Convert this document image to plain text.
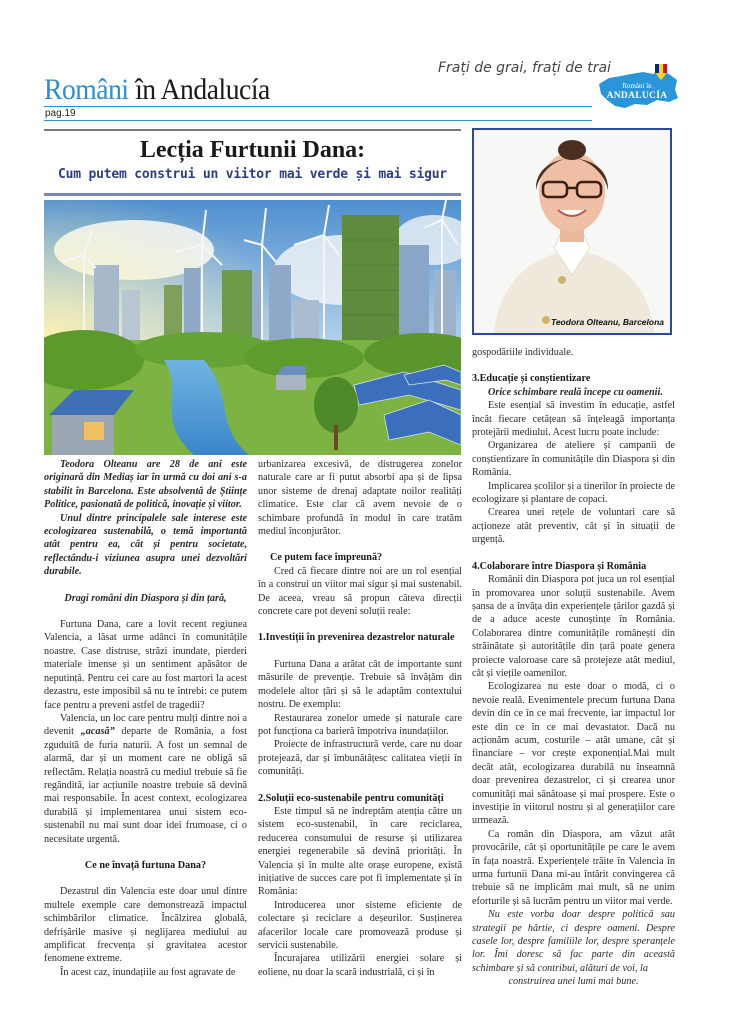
Români în Andalucía
Frați de grai, frați de trai
pag.19
Români în
ANDALUCÍA
Lecția Furtunii Dana:
Cum putem construi un viitor mai verde și mai sigur
Teodora Olteanu, Barcelona

Teodora Olteanu are 28 de ani este originară din Mediaș iar în urmă cu doi ani s-a stabilit în Barcelona. Este absolventă de Științe Politice, pasionată de politică, inovație și viitor.

Unul dintre principalele sale interese este ecologizarea sustenabilă, o temă importantă atât pentru ea, cât și pentru societate, reflectându-i viziunea asupra unei dezvoltări durabile.

Dragi români din Diaspora și din țară,

Furtuna Dana, care a lovit recent regiunea Valencia, a lăsat urme adânci în comunitățile noastre. Case distruse, străzi inundate, pierderi materiale imense și un sentiment apăsător de neputință. Pentru cei care au fost martori la acest dezastru, este imposibil să nu te întrebi: ce putem face pentru a preveni astfel de tragedii?

Valencia, un loc care pentru mulți dintre noi a devenit „acasă” departe de România, a fost zguduită de furia naturii. A fost un semnal de alarmă, dar și un moment care ne obligă să reflectăm. Relația noastră cu mediul trebuie să fie regândită, iar acțiunile noastre trebuie să devină mai responsabile. În acest context, ecologizarea durabilă și implementarea unui sistem eco-sustenabil nu mai sunt doar idei frumoase, ci o necesitate urgentă.

Ce ne învață furtuna Dana?

Dezastrul din Valencia este doar unul dintre multele exemple care demonstrează impactul schimbărilor climatice. Încălzirea globală, defrișările masive și neglijarea mediului au amplificat frecvența și gravitatea acestor fenomene extreme.

În acest caz, inundațiile au fost agravate de

urbanizarea excesivă, de distrugerea zonelor naturale care ar fi putut absorbi apa și de lipsa unor sisteme de drenaj adaptate noilor realități climatice. Este clar că avem nevoie de o schimbare profundă în modul în care tratăm mediul înconjurător.

Ce putem face împreună?

Cred că fiecare dintre noi are un rol esențial în a construi un viitor mai sigur și mai sustenabil. De aceea, vreau să propun câteva direcții concrete care pot deveni soluții reale:

1.Investiții în prevenirea dezastrelor naturale

Furtuna Dana a arătat cât de importante sunt măsurile de prevenție. Trebuie să învățăm din modelele altor țări și să le adaptăm contextului nostru. De exemplu:

Restaurarea zonelor umede și naturale care pot funcționa ca barieră împotriva inundațiilor.

Proiecte de infrastructură verde, care nu doar protejează, dar și îmbunătățesc calitatea vieții în comunități.

2.Soluții eco-sustenabile pentru comunități

Este timpul să ne îndreptăm atenția către un sistem eco-sustenabil, în care reciclarea, reducerea consumului de resurse și utilizarea energiei regenerabile să devină priorități. În Valencia și în multe alte orașe europene, există inițiative de succes care pot fi implementate și în România:

Introducerea unor sisteme eficiente de colectare și reciclare a deșeurilor. Susținerea afacerilor locale care promovează produse și servicii sustenabile.

Încurajarea utilizării energiei solare și eoliene, nu doar la scară industrială, ci și în

gospodăriile individuale.

3.Educație și conștientizare

Orice schimbare reală începe cu oamenii.

Este esențial să investim în educație, astfel încât fiecare cetățean să înțeleagă importanța protejării mediului. Acest lucru poate include:

Organizarea de ateliere și campanii de conștientizare în comunitățile din Diaspora și din România.

Implicarea școlilor și a tinerilor în proiecte de ecologizare și plantare de copaci.

Crearea unei rețele de voluntari care să acționeze atât preventiv, cât și în situații de urgență.

4.Colaborare între Diaspora și România

Românii din Diaspora pot juca un rol esențial în promovarea unor soluții sustenabile. Avem șansa de a învăța din experiențele țărilor gazdă și de a aduce aceste cunoștințe în România. Colaborarea dintre comunitățile românești din străinătate și autoritățile din țară poate genera proiecte valoroase care să protejeze atât mediul, cât și viețile oamenilor.

Ecologizarea nu este doar o modă, ci o nevoie reală. Evenimentele precum furtuna Dana devin din ce în ce mai frecvente, iar impactul lor este din ce în ce mai devastator. Dacă nu acționăm acum, costurile – atât umane, cât și financiare – vor crește exponențial.Mai mult decât atât, ecologizarea durabilă nu înseamnă doar prevenirea dezastrelor, ci și crearea unor comunități mai sănătoase și mai prospere. Este o investiție în viitorul nostru și al generațiilor care urmează.

Ca român din Diaspora, am văzut atât provocările, cât și oportunitățile pe care le avem în fața noastră. Experiențele trăite în Valencia în urma furtunii Dana mi-au întărit convingerea că trebuie să ne implicăm mai mult, să ne unim eforturile și să lucrăm pentru un viitor mai verde.

Nu este vorba doar despre politică sau strategii pe hârtie, ci despre oameni. Despre casele lor, despre familiile lor, despre speranțele lor. Îmi doresc să fac parte din această schimbare și să contribui, alături de voi, la

construirea unei lumi mai bune.
